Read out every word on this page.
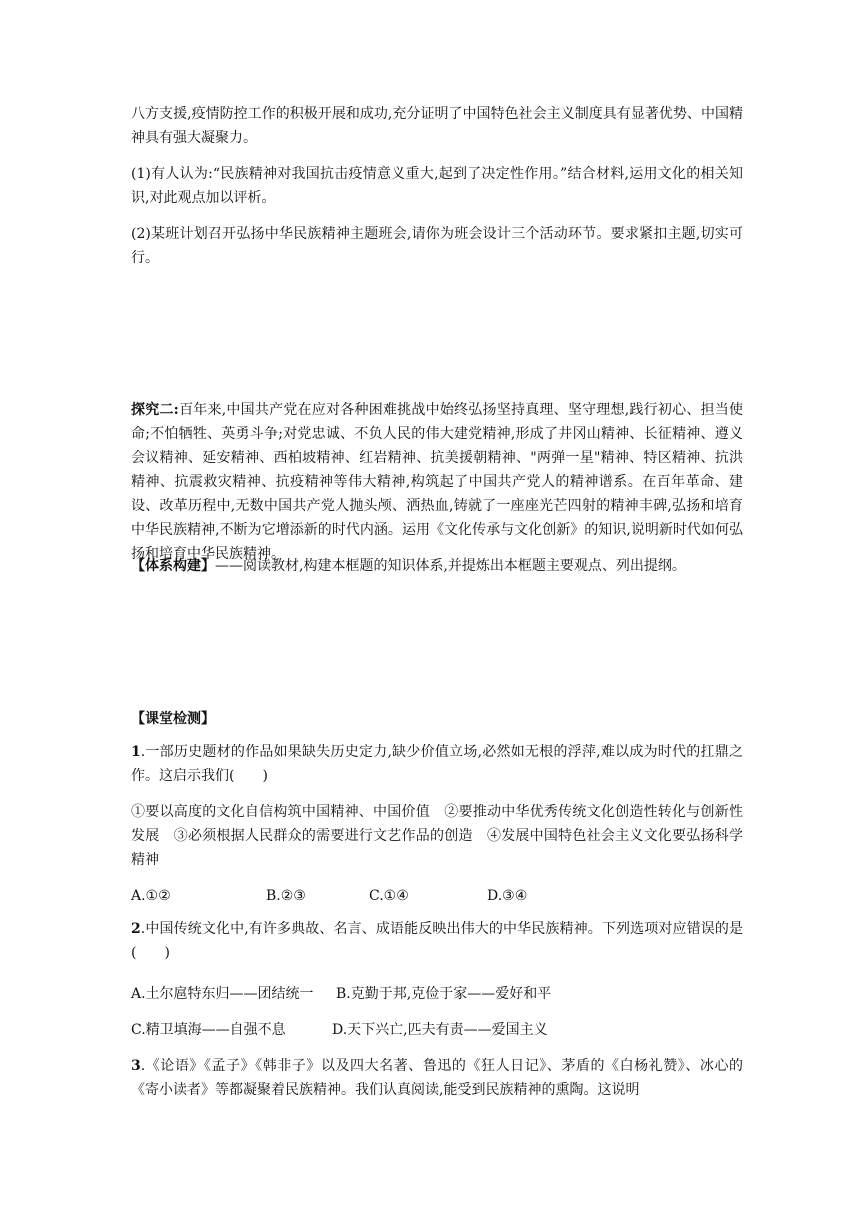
八方支援,疫情防控工作的积极开展和成功,充分证明了中国特色社会主义制度具有显著优势、中国精神具有强大凝聚力。

(1)有人认为:“民族精神对我国抗击疫情意义重大,起到了决定性作用。”结合材料,运用文化的相关知识,对此观点加以评析。

(2)某班计划召开弘扬中华民族精神主题班会,请你为班会设计三个活动环节。要求紧扣主题,切实可行。

探究二:百年来,中国共产党在应对各种困难挑战中始终弘扬坚持真理、坚守理想,践行初心、担当使命;不怕牺牲、英勇斗争;对党忠诚、不负人民的伟大建党精神,形成了井冈山精神、长征精神、遵义会议精神、延安精神、西柏坡精神、红岩精神、抗美援朝精神、"两弹一星"精神、特区精神、抗洪精神、抗震救灾精神、抗疫精神等伟大精神,构筑起了中国共产党人的精神谱系。在百年革命、建设、改革历程中,无数中国共产党人抛头颅、洒热血,铸就了一座座光芒四射的精神丰碑,弘扬和培育中华民族精神,不断为它增添新的时代内涵。运用《文化传承与文化创新》的知识,说明新时代如何弘扬和培育中华民族精神。

【体系构建】——阅读教材,构建本框题的知识体系,并提炼出本框题主要观点、列出提纲。

【课堂检测】

1.一部历史题材的作品如果缺失历史定力,缺少价值立场,必然如无根的浮萍,难以成为时代的扛鼎之作。这启示我们(　　)

①要以高度的文化自信构筑中国精神、中国价值　②要推动中华优秀传统文化创造性转化与创新性发展　③必须根据人民群众的需要进行文艺作品的创造　④发展中国特色社会主义文化要弘扬科学精神

A.①②	B.②③	C.①④	D.③④

2.中国传统文化中,有许多典故、名言、成语能反映出伟大的中华民族精神。下列选项对应错误的是(　　)

A.土尔扈特东归——团结统一 B.克勤于邦,克俭于家——爱好和平
C.精卫填海——自强不息	D.天下兴亡,匹夫有责——爱国主义

3.《论语》《孟子》《韩非子》以及四大名著、鲁迅的《狂人日记》、茅盾的《白杨礼赞》、冰心的《寄小读者》等都凝聚着民族精神。我们认真阅读,能受到民族精神的熏陶。这说明
